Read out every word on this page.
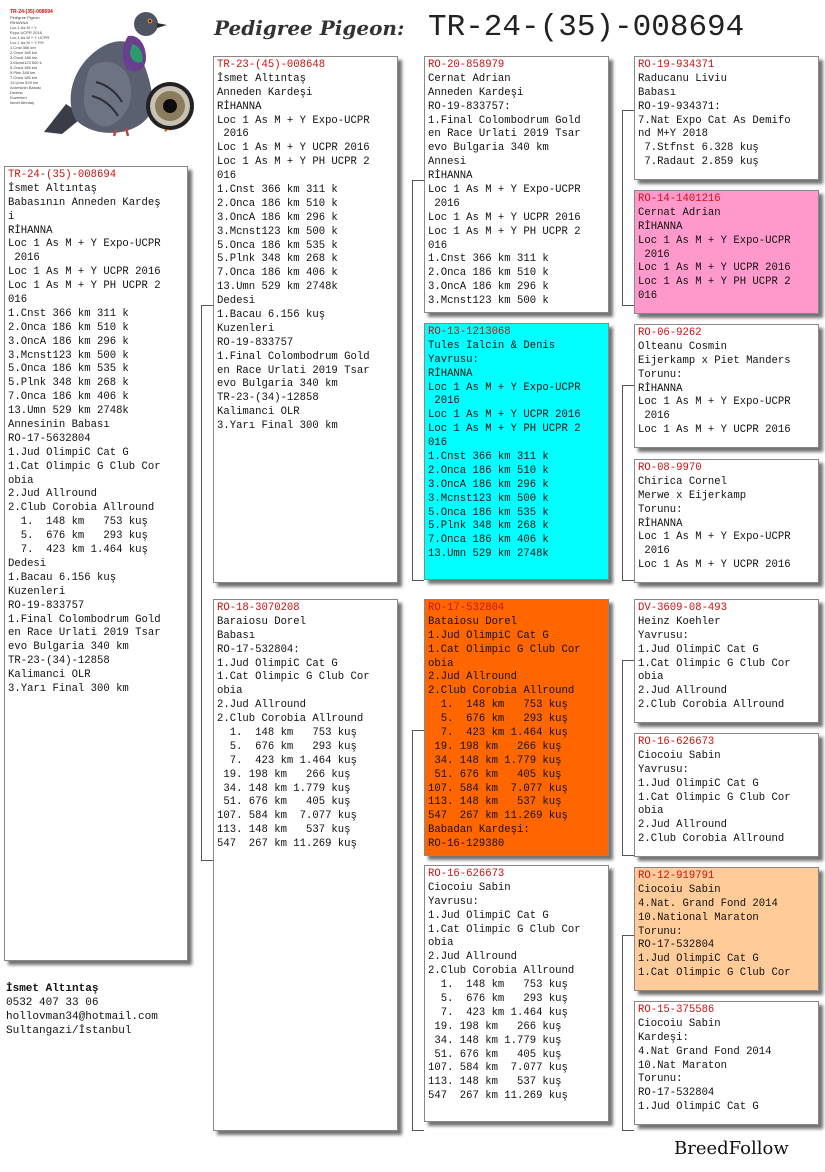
TR-24-(35)-008694
Pedigree Pigeon
RİHANNA
Loc 1 As M + Y
Expo-UCPR 2016
Loc 1 As M + Y UCPR
Loc 1 As M + Y PH
1.Cnst 366 km
2.Onca 186 km
3.OncA 186 km
3.Mcnst123 500 k
5.Onca 186 km
5.Plnk 348 km
7.Onca 186 km
13.Umn 529 km
Annesinin Babası
Dedesi
Kuzenleri
İsmet Altıntaş
●~
Pedigree Pigeon: TR-24-(35)-008694
TR-24-(35)-008694
İsmet Altıntaş
Babasının Anneden Kardeş
i
RİHANNA
Loc 1 As M + Y Expo-UCPR
2016
Loc 1 As M + Y UCPR 2016
Loc 1 As M + Y PH UCPR 2
016
1.Cnst 366 km 311 k
2.Onca 186 km 510 k
3.OncA 186 km 296 k
3.Mcnst123 km 500 k
5.Onca 186 km 535 k
5.Plnk 348 km 268 k
7.Onca 186 km 406 k
13.Umn 529 km 2748k
Annesinin Babası
RO-17-5632804
1.Jud OlimpiC Cat G
1.Cat Olimpic G Club Cor
obia
2.Jud Allround
2.Club Corobia Allround
1.  148 km   753 kuş
5.  676 km   293 kuş
7.  423 km 1.464 kuş
Dedesi
1.Bacau 6.156 kuş
Kuzenleri
RO-19-833757
1.Final Colombodrum Gold
en Race Urlati 2019 Tsar
evo Bulgaria 340 km
TR-23-(34)-12858
Kalimanci OLR
3.Yarı Final 300 km
TR-23-(45)-008648
İsmet Altıntaş
Anneden Kardeşi
RİHANNA
Loc 1 As M + Y Expo-UCPR
2016
Loc 1 As M + Y UCPR 2016
Loc 1 As M + Y PH UCPR 2
016
1.Cnst 366 km 311 k
2.Onca 186 km 510 k
3.OncA 186 km 296 k
3.Mcnst123 km 500 k
5.Onca 186 km 535 k
5.Plnk 348 km 268 k
7.Onca 186 km 406 k
13.Umn 529 km 2748k
Dedesi
1.Bacau 6.156 kuş
Kuzenleri
RO-19-833757
1.Final Colombodrum Gold
en Race Urlati 2019 Tsar
evo Bulgaria 340 km
TR-23-(34)-12858
Kalimanci OLR
3.Yarı Final 300 km
RO-18-3070208
Baraiosu Dorel
Babası
RO-17-532804:
1.Jud OlimpiC Cat G
1.Cat Olimpic G Club Cor
obia
2.Jud Allround
2.Club Corobia Allround
1.  148 km   753 kuş
5.  676 km   293 kuş
7.  423 km 1.464 kuş
19. 198 km   266 kuş
34. 148 km 1.779 kuş
51. 676 km   405 kuş
107. 584 km  7.077 kuş
113. 148 km   537 kuş
547  267 km 11.269 kuş
RO-20-858979
Cernat Adrian
Anneden Kardeşi
RO-19-833757:
1.Final Colombodrum Gold
en Race Urlati 2019 Tsar
evo Bulgaria 340 km
Annesi
RİHANNA
Loc 1 As M + Y Expo-UCPR
2016
Loc 1 As M + Y UCPR 2016
Loc 1 As M + Y PH UCPR 2
016
1.Cnst 366 km 311 k
2.Onca 186 km 510 k
3.OncA 186 km 296 k
3.Mcnst123 km 500 k
RO-13-1213068
Tules Ialcin & Denis
Yavrusu:
RİHANNA
Loc 1 As M + Y Expo-UCPR
2016
Loc 1 As M + Y UCPR 2016
Loc 1 As M + Y PH UCPR 2
016
1.Cnst 366 km 311 k
2.Onca 186 km 510 k
3.OncA 186 km 296 k
3.Mcnst123 km 500 k
5.Onca 186 km 535 k
5.Plnk 348 km 268 k
7.Onca 186 km 406 k
13.Umn 529 km 2748k
RO-17-532804
Bataiosu Dorel
1.Jud OlimpiC Cat G
1.Cat Olimpic G Club Cor
obia
2.Jud Allround
2.Club Corobia Allround
1.  148 km   753 kuş
5.  676 km   293 kuş
7.  423 km 1.464 kuş
19. 198 km   266 kuş
34. 148 km 1.779 kuş
51. 676 km   405 kuş
107. 584 km  7.077 kuş
113. 148 km   537 kuş
547  267 km 11.269 kuş
Babadan Kardeşi:
RO-16-129380
RO-16-626673
Ciocoiu Sabin
Yavrusu:
1.Jud OlimpiC Cat G
1.Cat Olimpic G Club Cor
obia
2.Jud Allround
2.Club Corobia Allround
1.  148 km   753 kuş
5.  676 km   293 kuş
7.  423 km 1.464 kuş
19. 198 km   266 kuş
34. 148 km 1.779 kuş
51. 676 km   405 kuş
107. 584 km  7.077 kuş
113. 148 km   537 kuş
547  267 km 11.269 kuş
RO-19-934371
Raducanu Liviu
Babası
RO-19-934371:
7.Nat Expo Cat As Demifo
nd M+Y 2018
7.Stfnst 6.328 kuş
7.Radaut 2.859 kuş
RO-14-1401216
Cernat Adrian
RİHANNA
Loc 1 As M + Y Expo-UCPR
2016
Loc 1 As M + Y UCPR 2016
Loc 1 As M + Y PH UCPR 2
016
RO-06-9262
Olteanu Cosmin
Eijerkamp x Piet Manders
Torunu:
RİHANNA
Loc 1 As M + Y Expo-UCPR
2016
Loc 1 As M + Y UCPR 2016
RO-08-9970
Chirica Cornel
Merwe x Eijerkamp
Torunu:
RİHANNA
Loc 1 As M + Y Expo-UCPR
2016
Loc 1 As M + Y UCPR 2016
DV-3609-08-493
Heinz Koehler
Yavrusu:
1.Jud OlimpiC Cat G
1.Cat Olimpic G Club Cor
obia
2.Jud Allround
2.Club Corobia Allround
RO-16-626673
Ciocoiu Sabin
Yavrusu:
1.Jud OlimpiC Cat G
1.Cat Olimpic G Club Cor
obia
2.Jud Allround
2.Club Corobia Allround
RO-12-919791
Ciocoiu Sabin
4.Nat. Grand Fond 2014
10.National Maraton
Torunu:
RO-17-532804
1.Jud OlimpiC Cat G
1.Cat Olimpic G Club Cor
RO-15-375586
Ciocoiu Sabin
Kardeşi:
4.Nat Grand Fond 2014
10.Nat Maraton
Torunu:
RO-17-532804
1.Jud OlimpiC Cat G
İsmet Altıntaş
0532 407 33 06
hollovman34@hotmail.com
Sultangazi/İstanbul
BreedFollow
